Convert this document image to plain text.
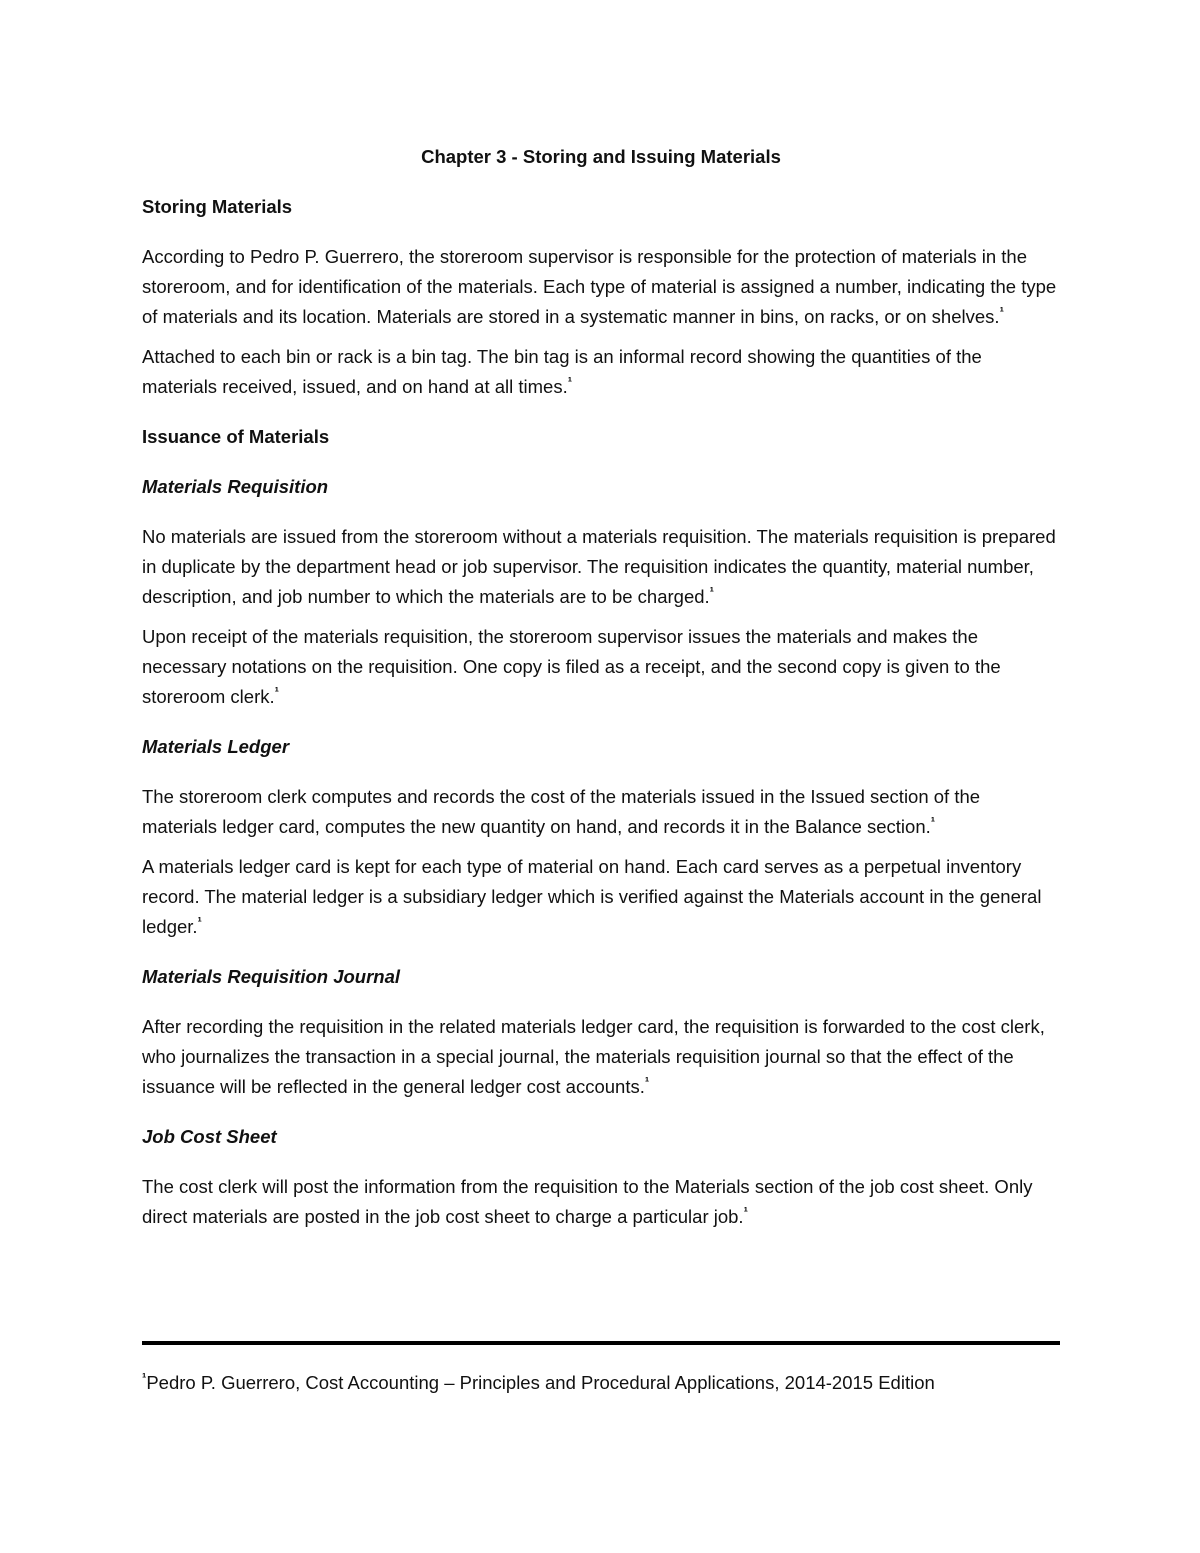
Chapter 3 - Storing and Issuing Materials

Storing Materials

According to Pedro P. Guerrero, the storeroom supervisor is responsible for the protection of materials in the storeroom, and for identification of the materials. Each type of material is assigned a number, indicating the type of materials and its location. Materials are stored in a systematic manner in bins, on racks, or on shelves.$^{^1}$

Attached to each bin or rack is a bin tag. The bin tag is an informal record showing the quantities of the materials received, issued, and on hand at all times.$^{^1}$

Issuance of Materials

Materials Requisition

No materials are issued from the storeroom without a materials requisition. The materials requisition is prepared in duplicate by the department head or job supervisor. The requisition indicates the quantity, material number, description, and job number to which the materials are to be charged.$^{^1}$

Upon receipt of the materials requisition, the storeroom supervisor issues the materials and makes the necessary notations on the requisition. One copy is filed as a receipt, and the second copy is given to the storeroom clerk.$^{^1}$

Materials Ledger

The storeroom clerk computes and records the cost of the materials issued in the Issued section of the materials ledger card, computes the new quantity on hand, and records it in the Balance section.$^{^1}$

A materials ledger card is kept for each type of material on hand. Each card serves as a perpetual inventory record. The material ledger is a subsidiary ledger which is verified against the Materials account in the general ledger.$^{^1}$

Materials Requisition Journal

After recording the requisition in the related materials ledger card, the requisition is forwarded to the cost clerk, who journalizes the transaction in a special journal, the materials requisition journal so that the effect of the issuance will be reflected in the general ledger cost accounts.$^{^1}$

Job Cost Sheet

The cost clerk will post the information from the requisition to the Materials section of the job cost sheet. Only direct materials are posted in the job cost sheet to charge a particular job.$^{^1}$

$^{^1}$Pedro P. Guerrero, Cost Accounting – Principles and Procedural Applications, 2014-2015 Edition
